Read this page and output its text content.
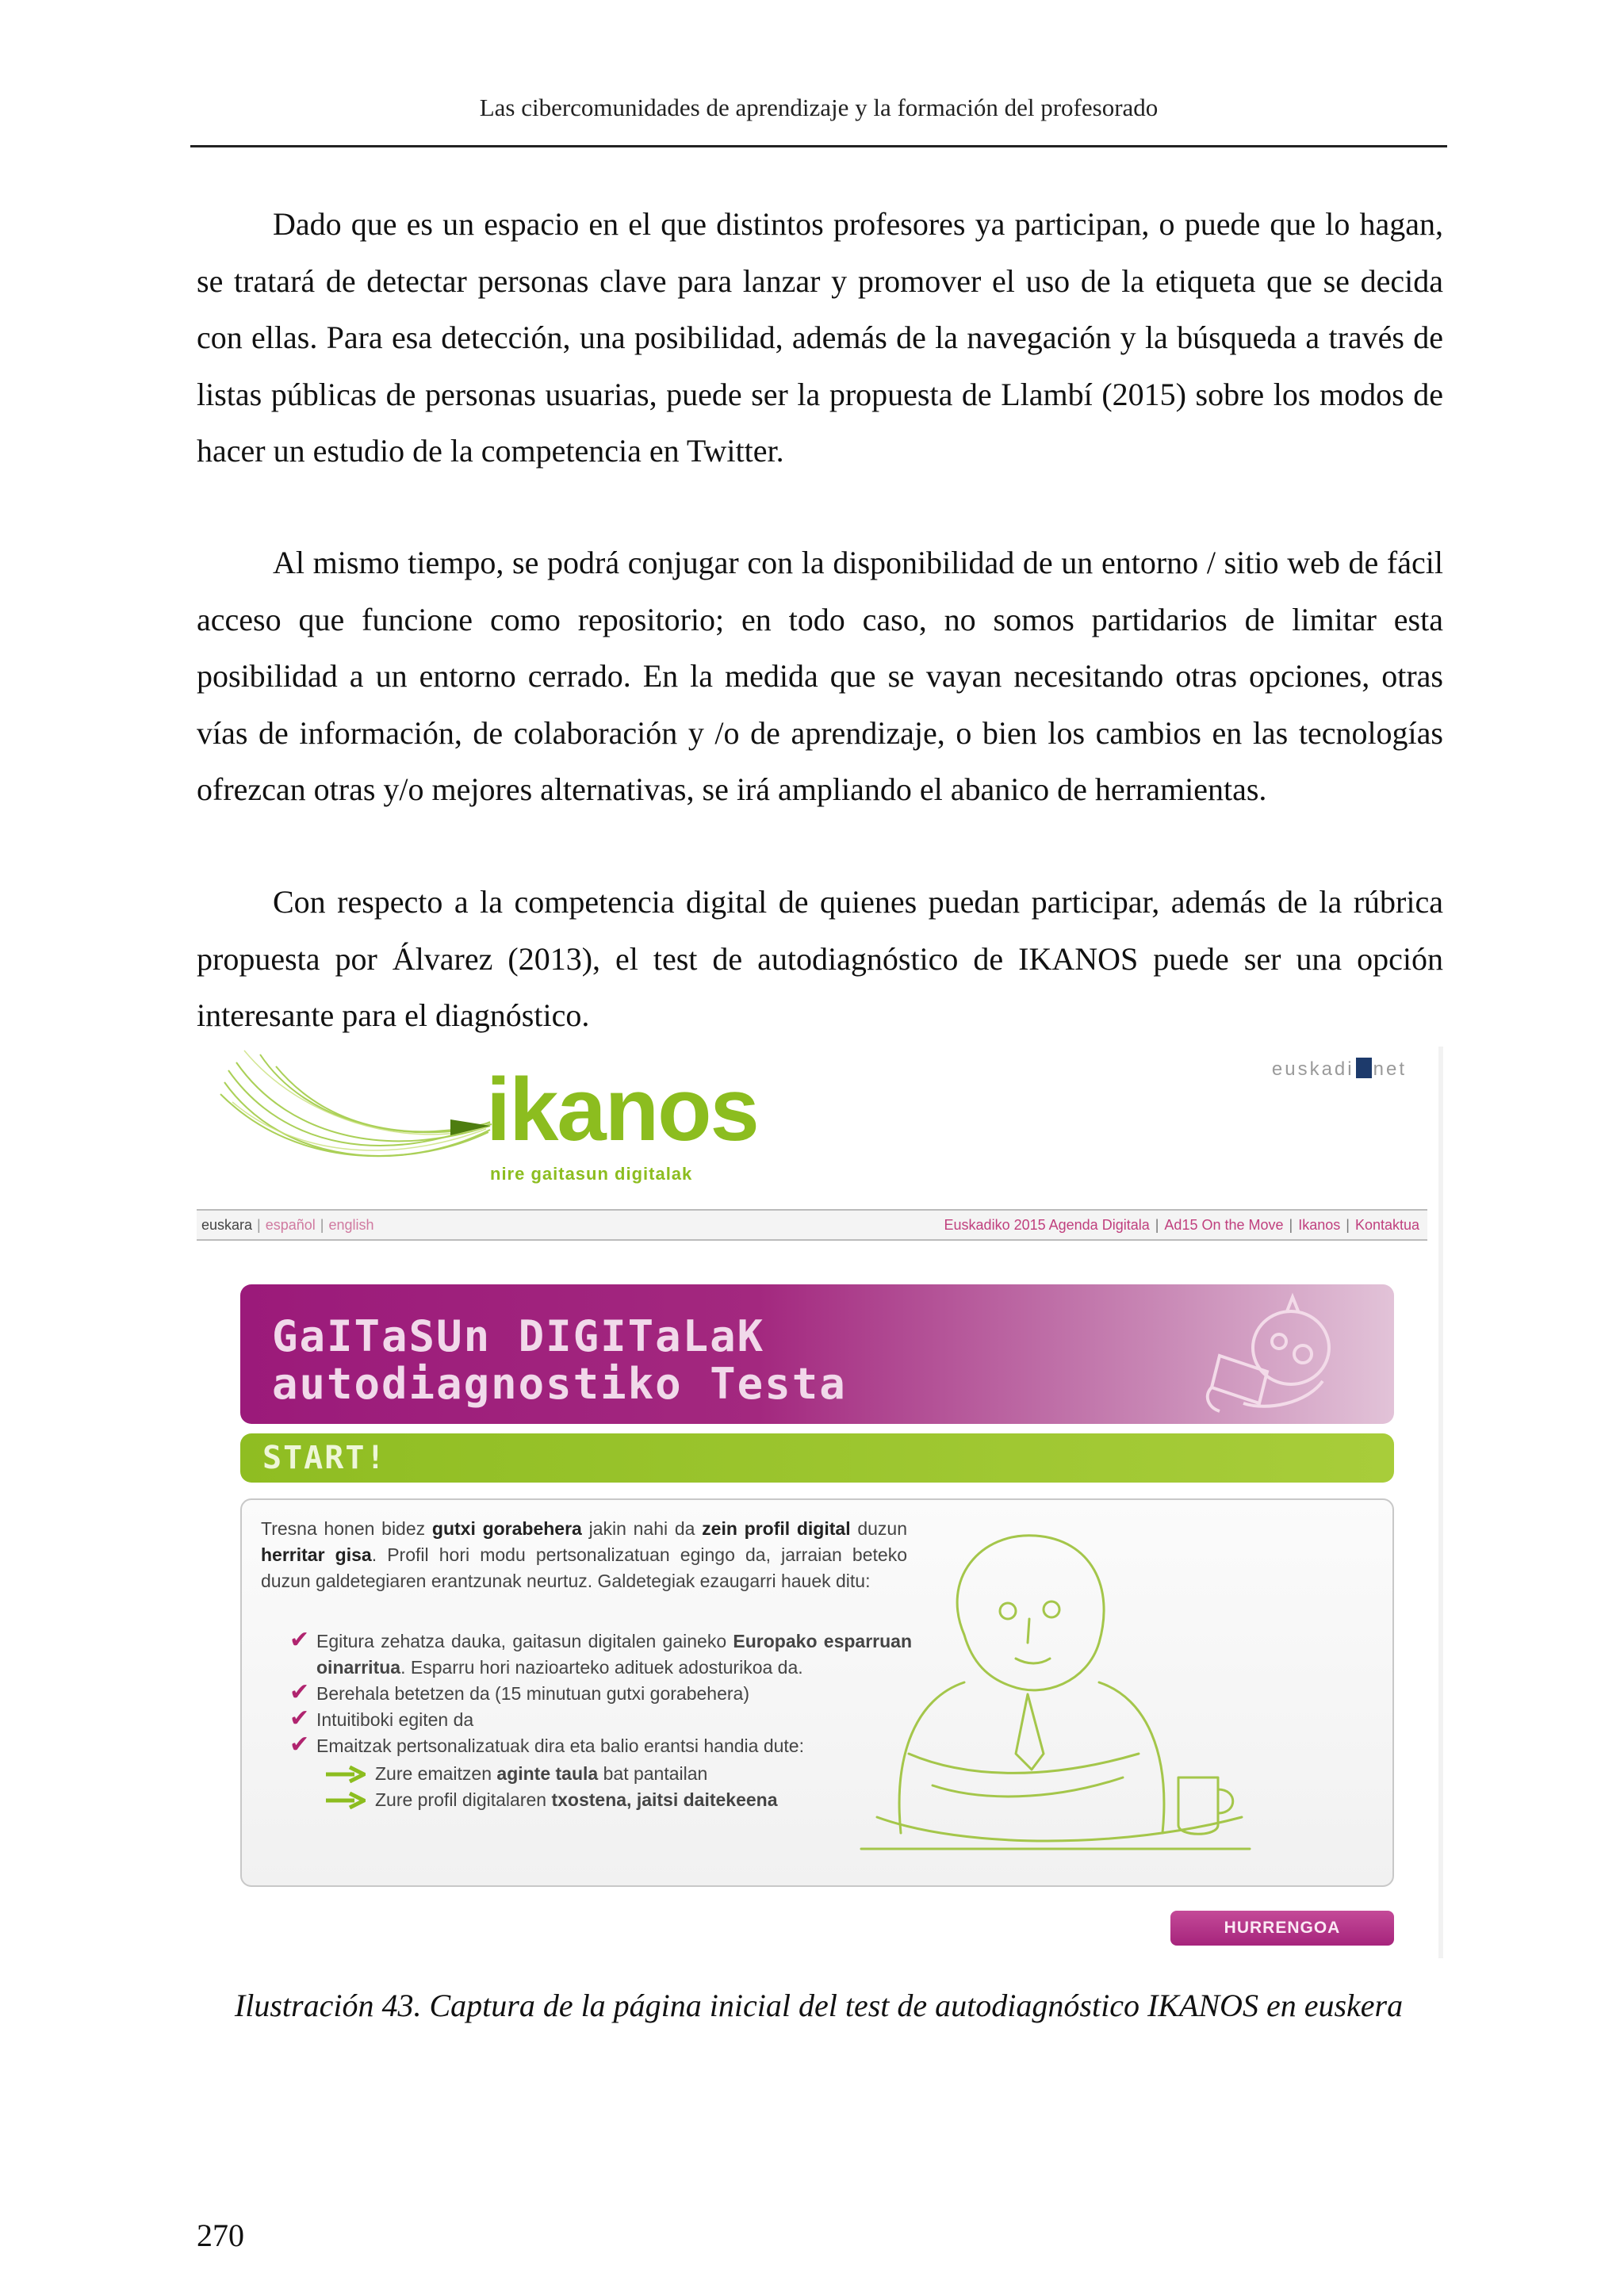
Las cibercomunidades de aprendizaje y la formación del profesorado

Dado que es un espacio en el que distintos profesores ya participan, o puede que lo hagan, se tratará de detectar personas clave para lanzar y promover el uso de la etiqueta que se decida con ellas. Para esa detección, una posibilidad, además de la navegación y la búsqueda a través de listas públicas de personas usuarias, puede ser la propuesta de Llambí (2015) sobre los modos de hacer un estudio de la competencia en Twitter.

Al mismo tiempo, se podrá conjugar con la disponibilidad de un entorno / sitio web de fácil acceso que funcione como repositorio; en todo caso, no somos partidarios de limitar esta posibilidad a un entorno cerrado. En la medida que se vayan necesitando otras opciones, otras vías de información, de colaboración y /o de aprendizaje, o bien los cambios en las tecnologías ofrezcan otras y/o mejores alternativas, se irá ampliando el abanico de herramientas.

Con respecto a la competencia digital de quienes puedan participar, además de la rúbrica propuesta por Álvarez (2013), el test de autodiagnóstico de IKANOS puede ser una opción interesante para el diagnóstico.

ikanos
nire gaitasun digitalak
euskadi net
euskara | español | english	Euskadiko 2015 Agenda Digitala | Ad15 On the Move | Ikanos | Kontaktua
GaITaSUn DIGITaLaK
autodiagnostiko Testa
START!

Tresna honen bidez gutxi gorabehera jakin nahi da zein profil digital duzun herritar gisa. Profil hori modu pertsonalizatuan egingo da, jarraian beteko duzun galdetegiaren erantzunak neurtuz. Galdetegiak ezaugarri hauek ditu:

✔ Egitura zehatza dauka, gaitasun digitalen gaineko Europako esparruan oinarritua. Esparru hori nazioarteko adituek adosturikoa da.
✔ Berehala betetzen da (15 minutuan gutxi gorabehera)
✔ Intuitiboki egiten da
✔ Emaitzak pertsonalizatuak dira eta balio erantsi handia dute:
Zure emaitzen aginte taula bat pantailan
Zure profil digitalaren txostena, jaitsi daitekeena
HURRENGOA
Ilustración 43. Captura de la página inicial del test de autodiagnóstico IKANOS en euskera
270
